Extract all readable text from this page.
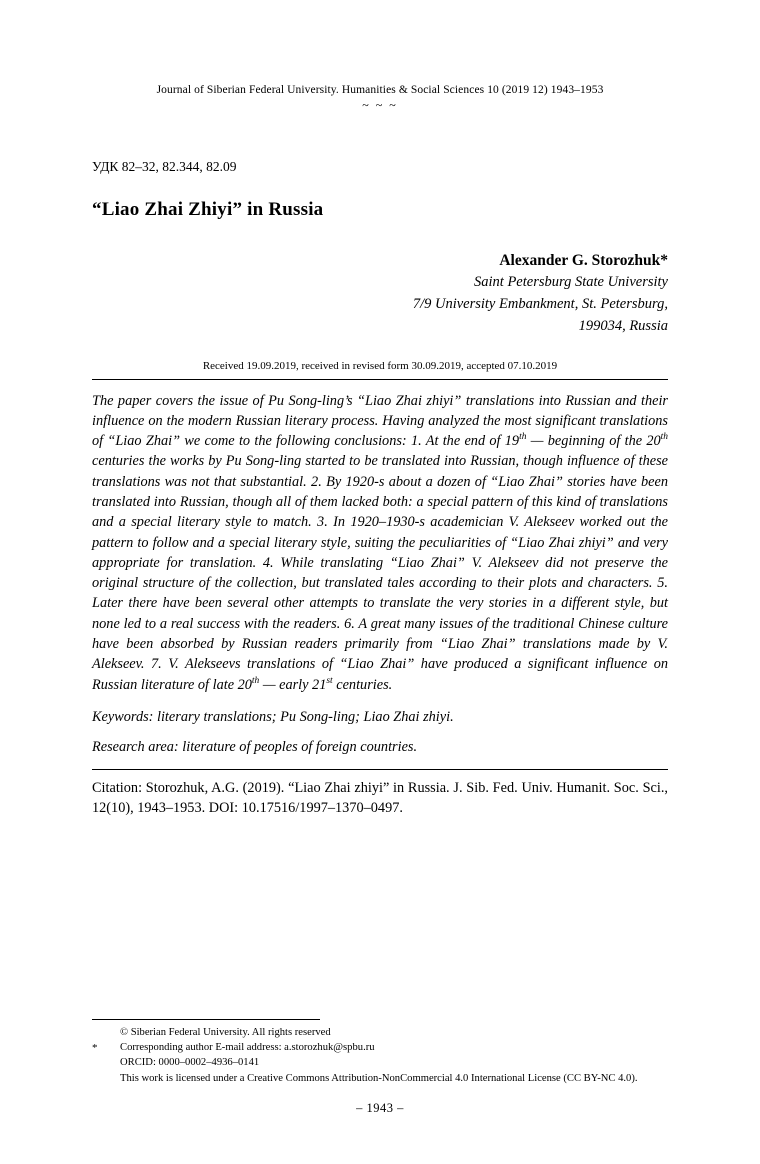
Journal of Siberian Federal University. Humanities & Social Sciences 10 (2019 12) 1943–1953
~ ~ ~
УДК 82–32, 82.344, 82.09
“Liao Zhai Zhiyi” in Russia
Alexander G. Storozhuk*
Saint Petersburg State University
7/9 University Embankment, St. Petersburg,
199034, Russia
Received 19.09.2019, received in revised form 30.09.2019, accepted 07.10.2019
The paper covers the issue of Pu Song-ling’s “Liao Zhai zhiyi” translations into Russian and their influence on the modern Russian literary process. Having analyzed the most significant translations of “Liao Zhai” we come to the following conclusions: 1. At the end of 19th — beginning of the 20th centuries the works by Pu Song-ling started to be translated into Russian, though influence of these translations was not that substantial. 2. By 1920-s about a dozen of “Liao Zhai” stories have been translated into Russian, though all of them lacked both: a special pattern of this kind of translations and a special literary style to match. 3. In 1920–1930-s academician V. Alekseev worked out the pattern to follow and a special literary style, suiting the peculiarities of “Liao Zhai zhiyi” and very appropriate for translation. 4. While translating “Liao Zhai” V. Alekseev did not preserve the original structure of the collection, but translated tales according to their plots and characters. 5. Later there have been several other attempts to translate the very stories in a different style, but none led to a real success with the readers. 6. A great many issues of the traditional Chinese culture have been absorbed by Russian readers primarily from “Liao Zhai” translations made by V. Alekseev. 7. V. Alekseevs translations of “Liao Zhai” have produced a significant influence on Russian literature of late 20th — early 21st centuries.
Keywords: literary translations; Pu Song-ling; Liao Zhai zhiyi.
Research area: literature of peoples of foreign countries.
Citation: Storozhuk, A.G. (2019). “Liao Zhai zhiyi” in Russia. J. Sib. Fed. Univ. Humanit. Soc. Sci., 12(10), 1943–1953. DOI: 10.17516/1997–1370–0497.
© Siberian Federal University. All rights reserved
* Corresponding author E-mail address: a.storozhuk@spbu.ru
ORCID: 0000–0002–4936–0141
This work is licensed under a Creative Commons Attribution-NonCommercial 4.0 International License (CC BY-NC 4.0).
– 1943 –
